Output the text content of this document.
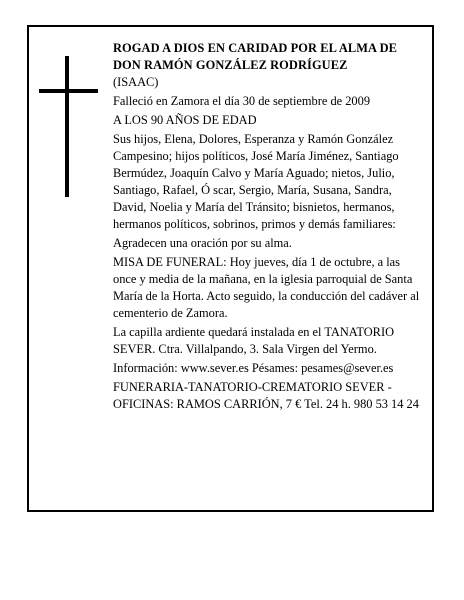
ROGAD A DIOS EN CARIDAD POR EL ALMA DE DON RAMÓN GONZÁLEZ RODRÍGUEZ

(ISAAC)

Falleció en Zamora el día 30 de septiembre de 2009

A LOS 90 AÑOS DE EDAD

Sus hijos, Elena, Dolores, Esperanza y Ramón González Campesino; hijos políticos, José María Jiménez, Santiago Bermúdez, Joaquín Calvo y María Aguado; nietos, Julio, Santiago, Rafael, Ó scar, Sergio, María, Susana, Sandra, David, Noelia y María del Tránsito; bisnietos, hermanos, hermanos políticos, sobrinos, primos y demás familiares:

Agradecen una oración por su alma.

MISA DE FUNERAL: Hoy jueves, día 1 de octubre, a las once y media de la mañana, en la iglesia parroquial de Santa María de la Horta. Acto seguido, la conducción del cadáver al cementerio de Zamora.

La capilla ardiente quedará instalada en el TANATORIO SEVER. Ctra. Villalpando, 3. Sala Virgen del Yermo.

Información: www.sever.es Pésames: pesames@sever.es

FUNERARIA-TANATORIO-CREMATORIO SEVER - OFICINAS: RAMOS CARRIÓN, 7 € Tel. 24 h. 980 53 14 24
